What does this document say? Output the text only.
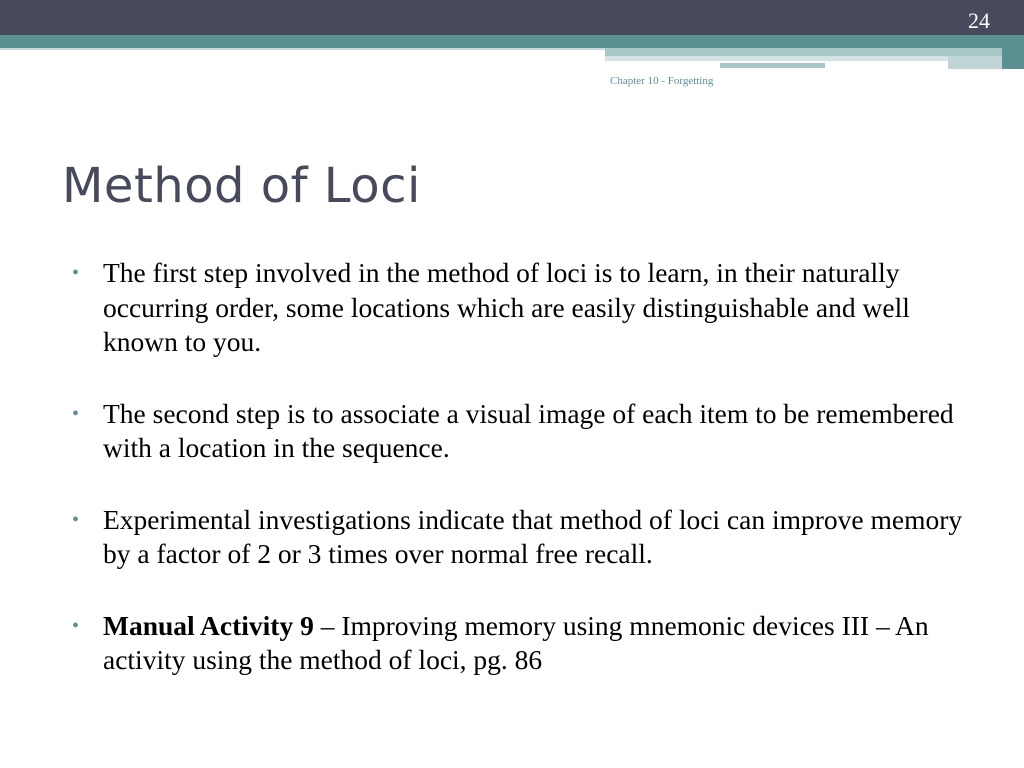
24
Chapter 10 - Forgetting
Method of Loci
• The first step involved in the method of loci is to learn, in their naturally occurring order, some locations which are easily distinguishable and well known to you.
• The second step is to associate a visual image of each item to be remembered with a location in the sequence.
• Experimental investigations indicate that method of loci can improve memory by a factor of 2 or 3 times over normal free recall.
• Manual Activity 9 – Improving memory using mnemonic devices III – An activity using the method of loci, pg. 86
